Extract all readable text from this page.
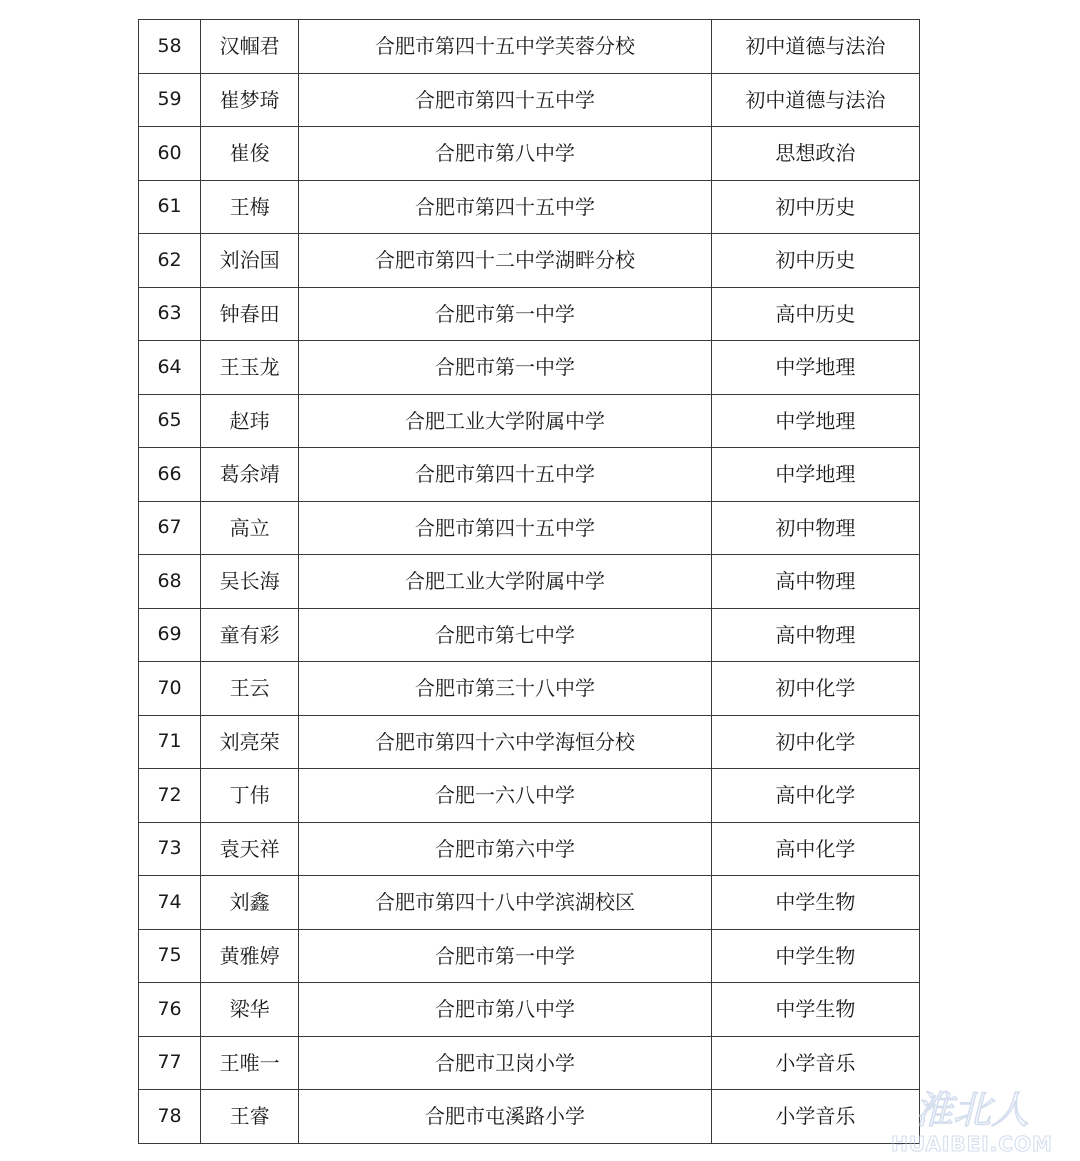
58	汉帼君	合肥市第四十五中学芙蓉分校	初中道德与法治
59	崔梦琦	合肥市第四十五中学	初中道德与法治
60	崔俊	合肥市第八中学	思想政治
61	王梅	合肥市第四十五中学	初中历史
62	刘治国	合肥市第四十二中学湖畔分校	初中历史
63	钟春田	合肥市第一中学	高中历史
64	王玉龙	合肥市第一中学	中学地理
65	赵玮	合肥工业大学附属中学	中学地理
66	葛余靖	合肥市第四十五中学	中学地理
67	高立	合肥市第四十五中学	初中物理
68	吴长海	合肥工业大学附属中学	高中物理
69	童有彩	合肥市第七中学	高中物理
70	王云	合肥市第三十八中学	初中化学
71	刘亮荣	合肥市第四十六中学海恒分校	初中化学
72	丁伟	合肥一六八中学	高中化学
73	袁天祥	合肥市第六中学	高中化学
74	刘鑫	合肥市第四十八中学滨湖校区	中学生物
75	黄雅婷	合肥市第一中学	中学生物
76	梁华	合肥市第八中学	中学生物
77	王唯一	合肥市卫岗小学	小学音乐
78	王睿	合肥市屯溪路小学	小学音乐 淮北人
HUAIBEI.COM
